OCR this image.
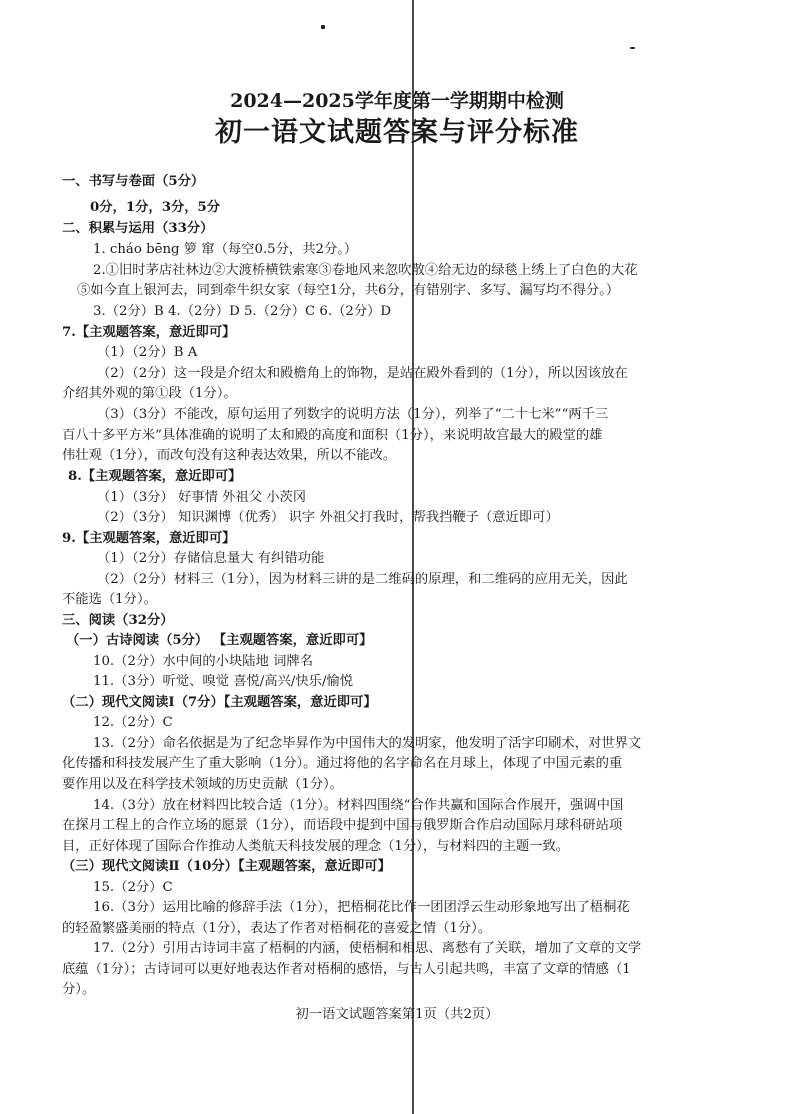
2024—2025学年度第一学期期中检测
初一语文试题答案与评分标准
一、书写与卷面（5分）
0分，1分，3分，5分
二、积累与运用（33分）
1. cháo bēng 箩 窜（每空0.5分，共2分。）
2.①旧时茅店社林边②大渡桥横铁索寒③卷地风来忽吹散④给无边的绿毯上绣上了白色的大花
⑤如今直上银河去，同到牵牛织女家（每空1分，共6分，有错别字、多写、漏写均不得分。）
3.（2分）B 4.（2分）D 5.（2分）C 6.（2分）D
7.【主观题答案，意近即可】
（1）（2分）B A
（2）（2分）这一段是介绍太和殿檐角上的饰物，是站在殿外看到的（1分），所以因该放在
介绍其外观的第①段（1分）。
（3）（3分）不能改，原句运用了列数字的说明方法（1分），列举了“二十七米”“两千三
百八十多平方米”具体准确的说明了太和殿的高度和面积（1分），来说明故宫最大的殿堂的雄
伟壮观（1分），而改句没有这种表达效果，所以不能改。
8.【主观题答案，意近即可】
（1）（3分） 好事情 外祖父 小茨冈
（2）（3分） 知识渊博（优秀） 识字 外祖父打我时，帮我挡鞭子（意近即可）
9.【主观题答案，意近即可】
（1）（2分）存储信息量大 有纠错功能
（2）（2分）材料三（1分），因为材料三讲的是二维码的原理，和二维码的应用无关，因此
不能选（1分）。
三、阅读（32分）
（一）古诗阅读（5分） 【主观题答案，意近即可】
10.（2分）水中间的小块陆地 词牌名
11.（3分）听觉、嗅觉 喜悦/高兴/快乐/愉悦
（二）现代文阅读Ⅰ（7分）【主观题答案，意近即可】
12.（2分）C
13.（2分）命名依据是为了纪念毕昇作为中国伟大的发明家，他发明了活字印刷术，对世界文
化传播和科技发展产生了重大影响（1分）。通过将他的名字命名在月球上，体现了中国元素的重
要作用以及在科学技术领域的历史贡献（1分）。
14.（3分）放在材料四比较合适（1分）。材料四围绕“合作共赢和国际合作展开，强调中国
在探月工程上的合作立场的愿景（1分），而语段中提到中国与俄罗斯合作启动国际月球科研站项
目，正好体现了国际合作推动人类航天科技发展的理念（1分），与材料四的主题一致。
（三）现代文阅读Ⅱ（10分）【主观题答案，意近即可】
15.（2分）C
16.（3分）运用比喻的修辞手法（1分），把梧桐花比作一团团浮云生动形象地写出了梧桐花
的轻盈繁盛美丽的特点（1分），表达了作者对梧桐花的喜爱之情（1分）。
17.（2分）引用古诗词丰富了梧桐的内涵，使梧桐和相思、离愁有了关联，增加了文章的文学
底蕴（1分）；古诗词可以更好地表达作者对梧桐的感悟，与古人引起共鸣，丰富了文章的情感（1
分）。
初一语文试题答案第1页（共2页）
